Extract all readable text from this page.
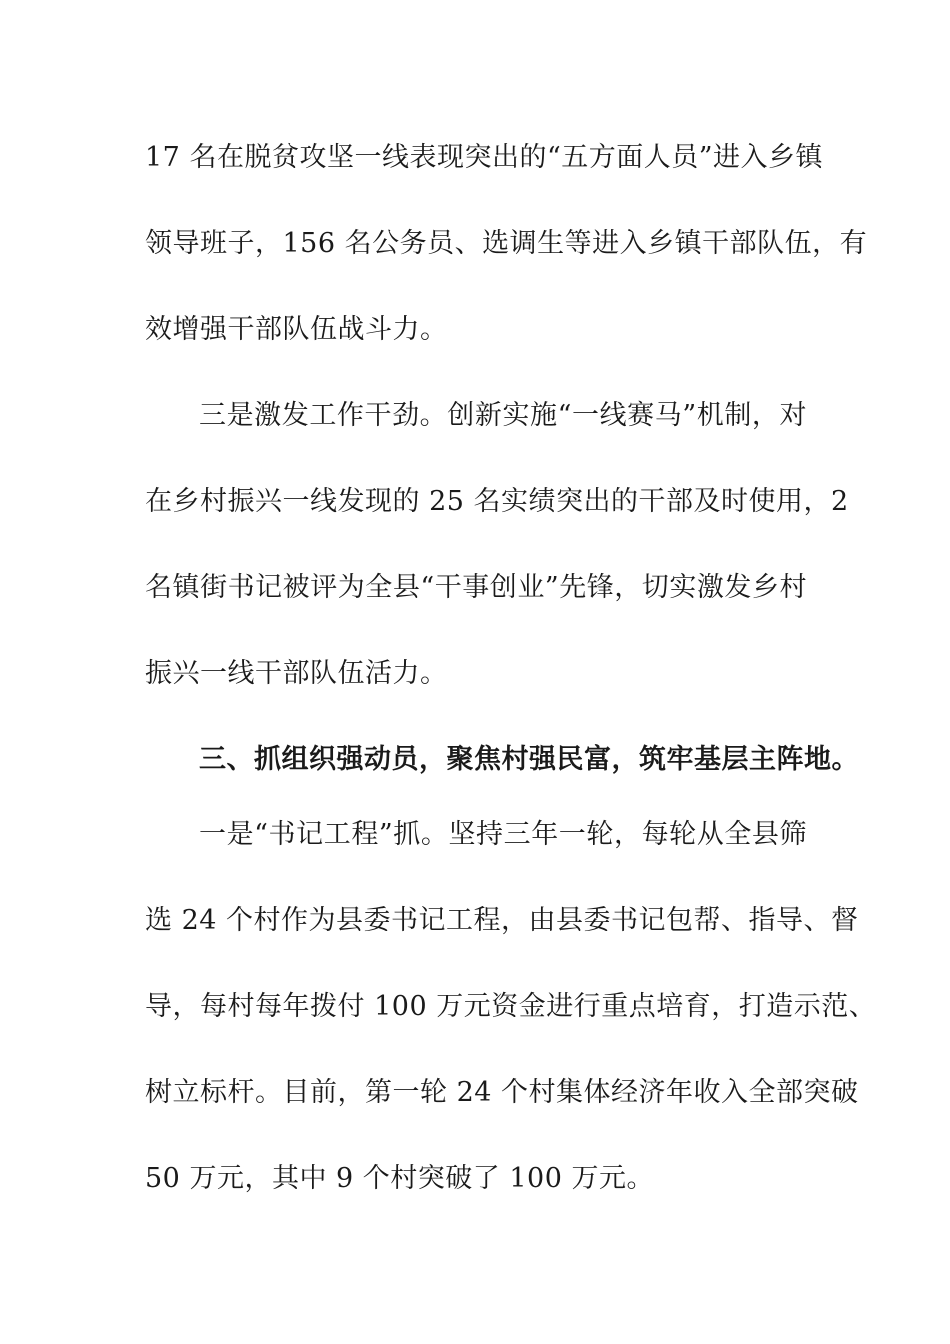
17 名在脱贫攻坚一线表现突出的“五方面人员”进入乡镇
领导班子，156 名公务员、选调生等进入乡镇干部队伍，有
效增强干部队伍战斗力。
三是激发工作干劲。创新实施“一线赛马”机制，对
在乡村振兴一线发现的 25 名实绩突出的干部及时使用，2
名镇街书记被评为全县“干事创业”先锋，切实激发乡村
振兴一线干部队伍活力。
三、抓组织强动员，聚焦村强民富，筑牢基层主阵地。
一是“书记工程”抓。坚持三年一轮，每轮从全县筛
选 24 个村作为县委书记工程，由县委书记包帮、指导、督
导，每村每年拨付 100 万元资金进行重点培育，打造示范、
树立标杆。目前，第一轮 24 个村集体经济年收入全部突破
50 万元，其中 9 个村突破了 100 万元。
